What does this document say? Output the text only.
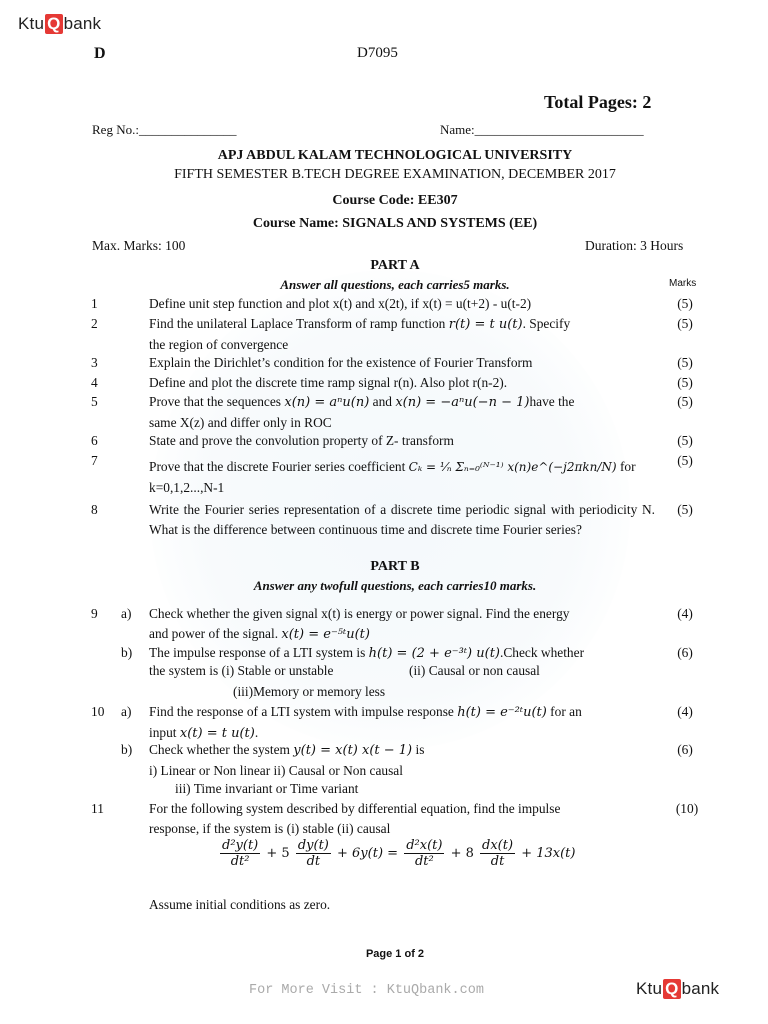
Ktu Q bank
D	D7095
Total Pages: 2
Reg No.:_______________	Name:__________________________
APJ ABDUL KALAM TECHNOLOGICAL UNIVERSITY
FIFTH SEMESTER B.TECH DEGREE EXAMINATION, DECEMBER 2017
Course Code: EE307
Course Name: SIGNALS AND SYSTEMS (EE)
Max. Marks: 100	Duration: 3 Hours
PART A
Answer all questions, each carries5 marks.	Marks
1	Define unit step function and plot x(t) and x(2t), if x(t) = u(t+2) - u(t-2)	(5)
2	Find the unilateral Laplace Transform of ramp function r(t) = t u(t). Specify
the region of convergence
(5)
3	Explain the Dirichlet’s condition for the existence of Fourier Transform	(5)
4	Define and plot the discrete time ramp signal r(n). Also plot r(n-2).	(5)
5	Prove that the sequences x(n) = aⁿu(n) and x(n) = −aⁿu(−n − 1)have the
same X(z) and differ only in ROC
(5)
6	State and prove the convolution property of Z- transform	(5)
7	Prove that the discrete Fourier series coefficient Cₖ = ¹⁄ₙ Σₙ₌₀⁽ᴺ⁻¹⁾ x(n)e^(−j2πkn/N) for
k=0,1,2...,N-1
(5)
8	Write the Fourier series representation of a discrete time periodic signal with periodicity N. What is the difference between continuous time and discrete time Fourier series?
(5)
PART B
Answer any twofull questions, each carries10 marks.
9 a) Check whether the given signal x(t) is energy or power signal. Find the energy
and power of the signal. x(t) = e⁻⁵ᵗu(t)
(4)
b) The impulse response of a LTI system is h(t) = (2 + e⁻³ᵗ) u(t).Check whether
the system is (i) Stable or unstable	(ii) Causal or non causal
(iii)Memory or memory less
(6)
10 a) Find the response of a LTI system with impulse response h(t) = e⁻²ᵗu(t) for an
input x(t) = t u(t).
(4)
b) Check whether the system y(t) = x(t) x(t − 1) is
i) Linear or Non linear ii) Causal or Non causal
iii) Time invariant or Time variant
(6)
11	For the following system described by differential equation, find the impulse
response, if the system is (i) stable (ii) causal
(10)
$\frac{\text{d²y(t)}}{\text{dt²}} + 5 \frac{dy(t)}{dt} + 6y(t) = \frac{\text{d²x(t)}}{\text{dt²}} + 8 \frac{dx(t)}{dt} + 13x(t)$
Assume initial conditions as zero.
Page 1 of 2
For More Visit : KtuQbank.com	Ktu Q bank
